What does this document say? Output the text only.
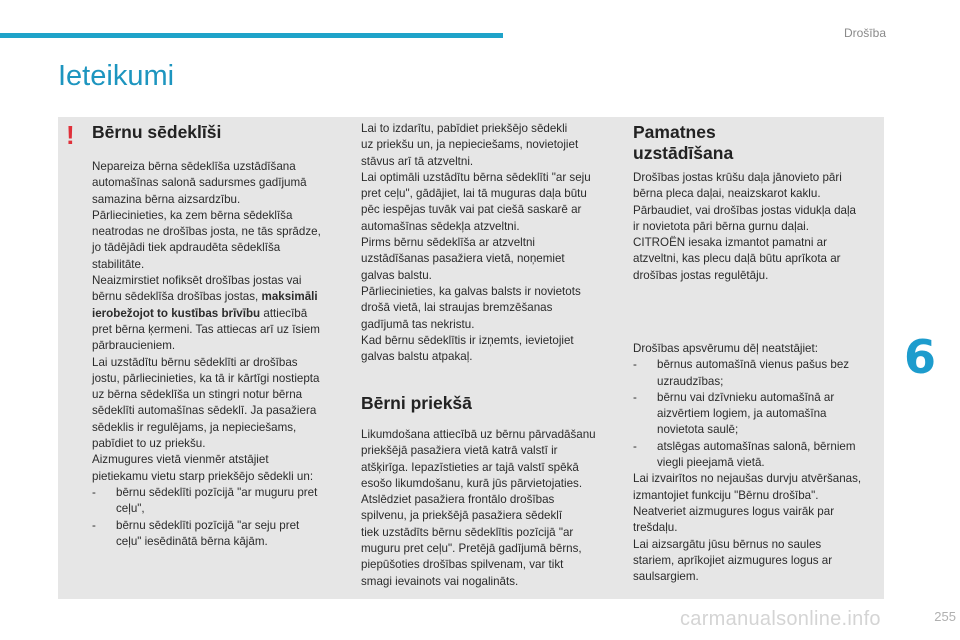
Drošība
Ieteikumi
! Bērnu sēdeklīši

Nepareiza bērna sēdeklīša uzstādīšana

automašīnas salonā sadursmes gadījumā

samazina bērna aizsardzību.

Pārliecinieties, ka zem bērna sēdeklīša

neatrodas ne drošības josta, ne tās sprādze,

jo tādējādi tiek apdraudēta sēdeklīša

stabilitāte.

Neaizmirstiet nofiksēt drošības jostas vai

bērnu sēdeklīša drošības jostas, maksimāli

ierobežojot to kustības brīvību attiecībā

pret bērna ķermeni. Tas attiecas arī uz īsiem

pārbraucieniem.

Lai uzstādītu bērnu sēdeklīti ar drošības

jostu, pārliecinieties, ka tā ir kārtīgi nostiepta

uz bērna sēdeklīša un stingri notur bērna

sēdeklīti automašīnas sēdeklī. Ja pasažiera

sēdeklis ir regulējams, ja nepieciešams,

pabīdiet to uz priekšu.

Aizmugures vietā vienmēr atstājiet

pietiekamu vietu starp priekšējo sēdekli un:

- bērnu sēdeklīti pozīcijā "ar muguru pret

ceļu",

- bērnu sēdeklīti pozīcijā "ar seju pret

ceļu" iesēdinātā bērna kājām.

Lai to izdarītu, pabīdiet priekšējo sēdekli

uz priekšu un, ja nepieciešams, novietojiet

stāvus arī tā atzveltni.

Lai optimāli uzstādītu bērna sēdeklīti "ar seju

pret ceļu", gādājiet, lai tā muguras daļa būtu

pēc iespējas tuvāk vai pat ciešā saskarē ar

automašīnas sēdekļa atzveltni.

Pirms bērnu sēdeklīša ar atzveltni

uzstādīšanas pasažiera vietā, noņemiet

galvas balstu.

Pārliecinieties, ka galvas balsts ir novietots

drošā vietā, lai straujas bremzēšanas

gadījumā tas nekristu.

Kad bērnu sēdeklītis ir izņemts, ievietojiet

galvas balstu atpakaļ.

Bērni priekšā

Likumdošana attiecībā uz bērnu pārvadāšanu

priekšējā pasažiera vietā katrā valstī ir

atšķirīga. Iepazīstieties ar tajā valstī spēkā

esošo likumdošanu, kurā jūs pārvietojaties.

Atslēdziet pasažiera frontālo drošības

spilvenu, ja priekšējā pasažiera sēdeklī

tiek uzstādīts bērnu sēdeklītis pozīcijā "ar

muguru pret ceļu". Pretējā gadījumā bērns,

piepūšoties drošības spilvenam, var tikt

smagi ievainots vai nogalināts.

Pamatnes
uzstādīšana

Drošības jostas krūšu daļa jānovieto pāri

bērna pleca daļai, neaizskarot kaklu.

Pārbaudiet, vai drošības jostas vidukļa daļa

ir novietota pāri bērna gurnu daļai.

CITROËN iesaka izmantot pamatni ar

atzveltni, kas plecu daļā būtu aprīkota ar

drošības jostas regulētāju.

Drošības apsvērumu dēļ neatstājiet:

- bērnus automašīnā vienus pašus bez

uzraudzības;

- bērnu vai dzīvnieku automašīnā ar

aizvērtiem logiem, ja automašīna

novietota saulē;

- atslēgas automašīnas salonā, bērniem

viegli pieejamā vietā.

Lai izvairītos no nejaušas durvju atvēršanas,

izmantojiet funkciju "Bērnu drošība".

Neatveriet aizmugures logus vairāk par

trešdaļu.

Lai aizsargātu jūsu bērnus no saules

stariem, aprīkojiet aizmugures logus ar

saulsargiem.

6
carmanualsonline.info	255
